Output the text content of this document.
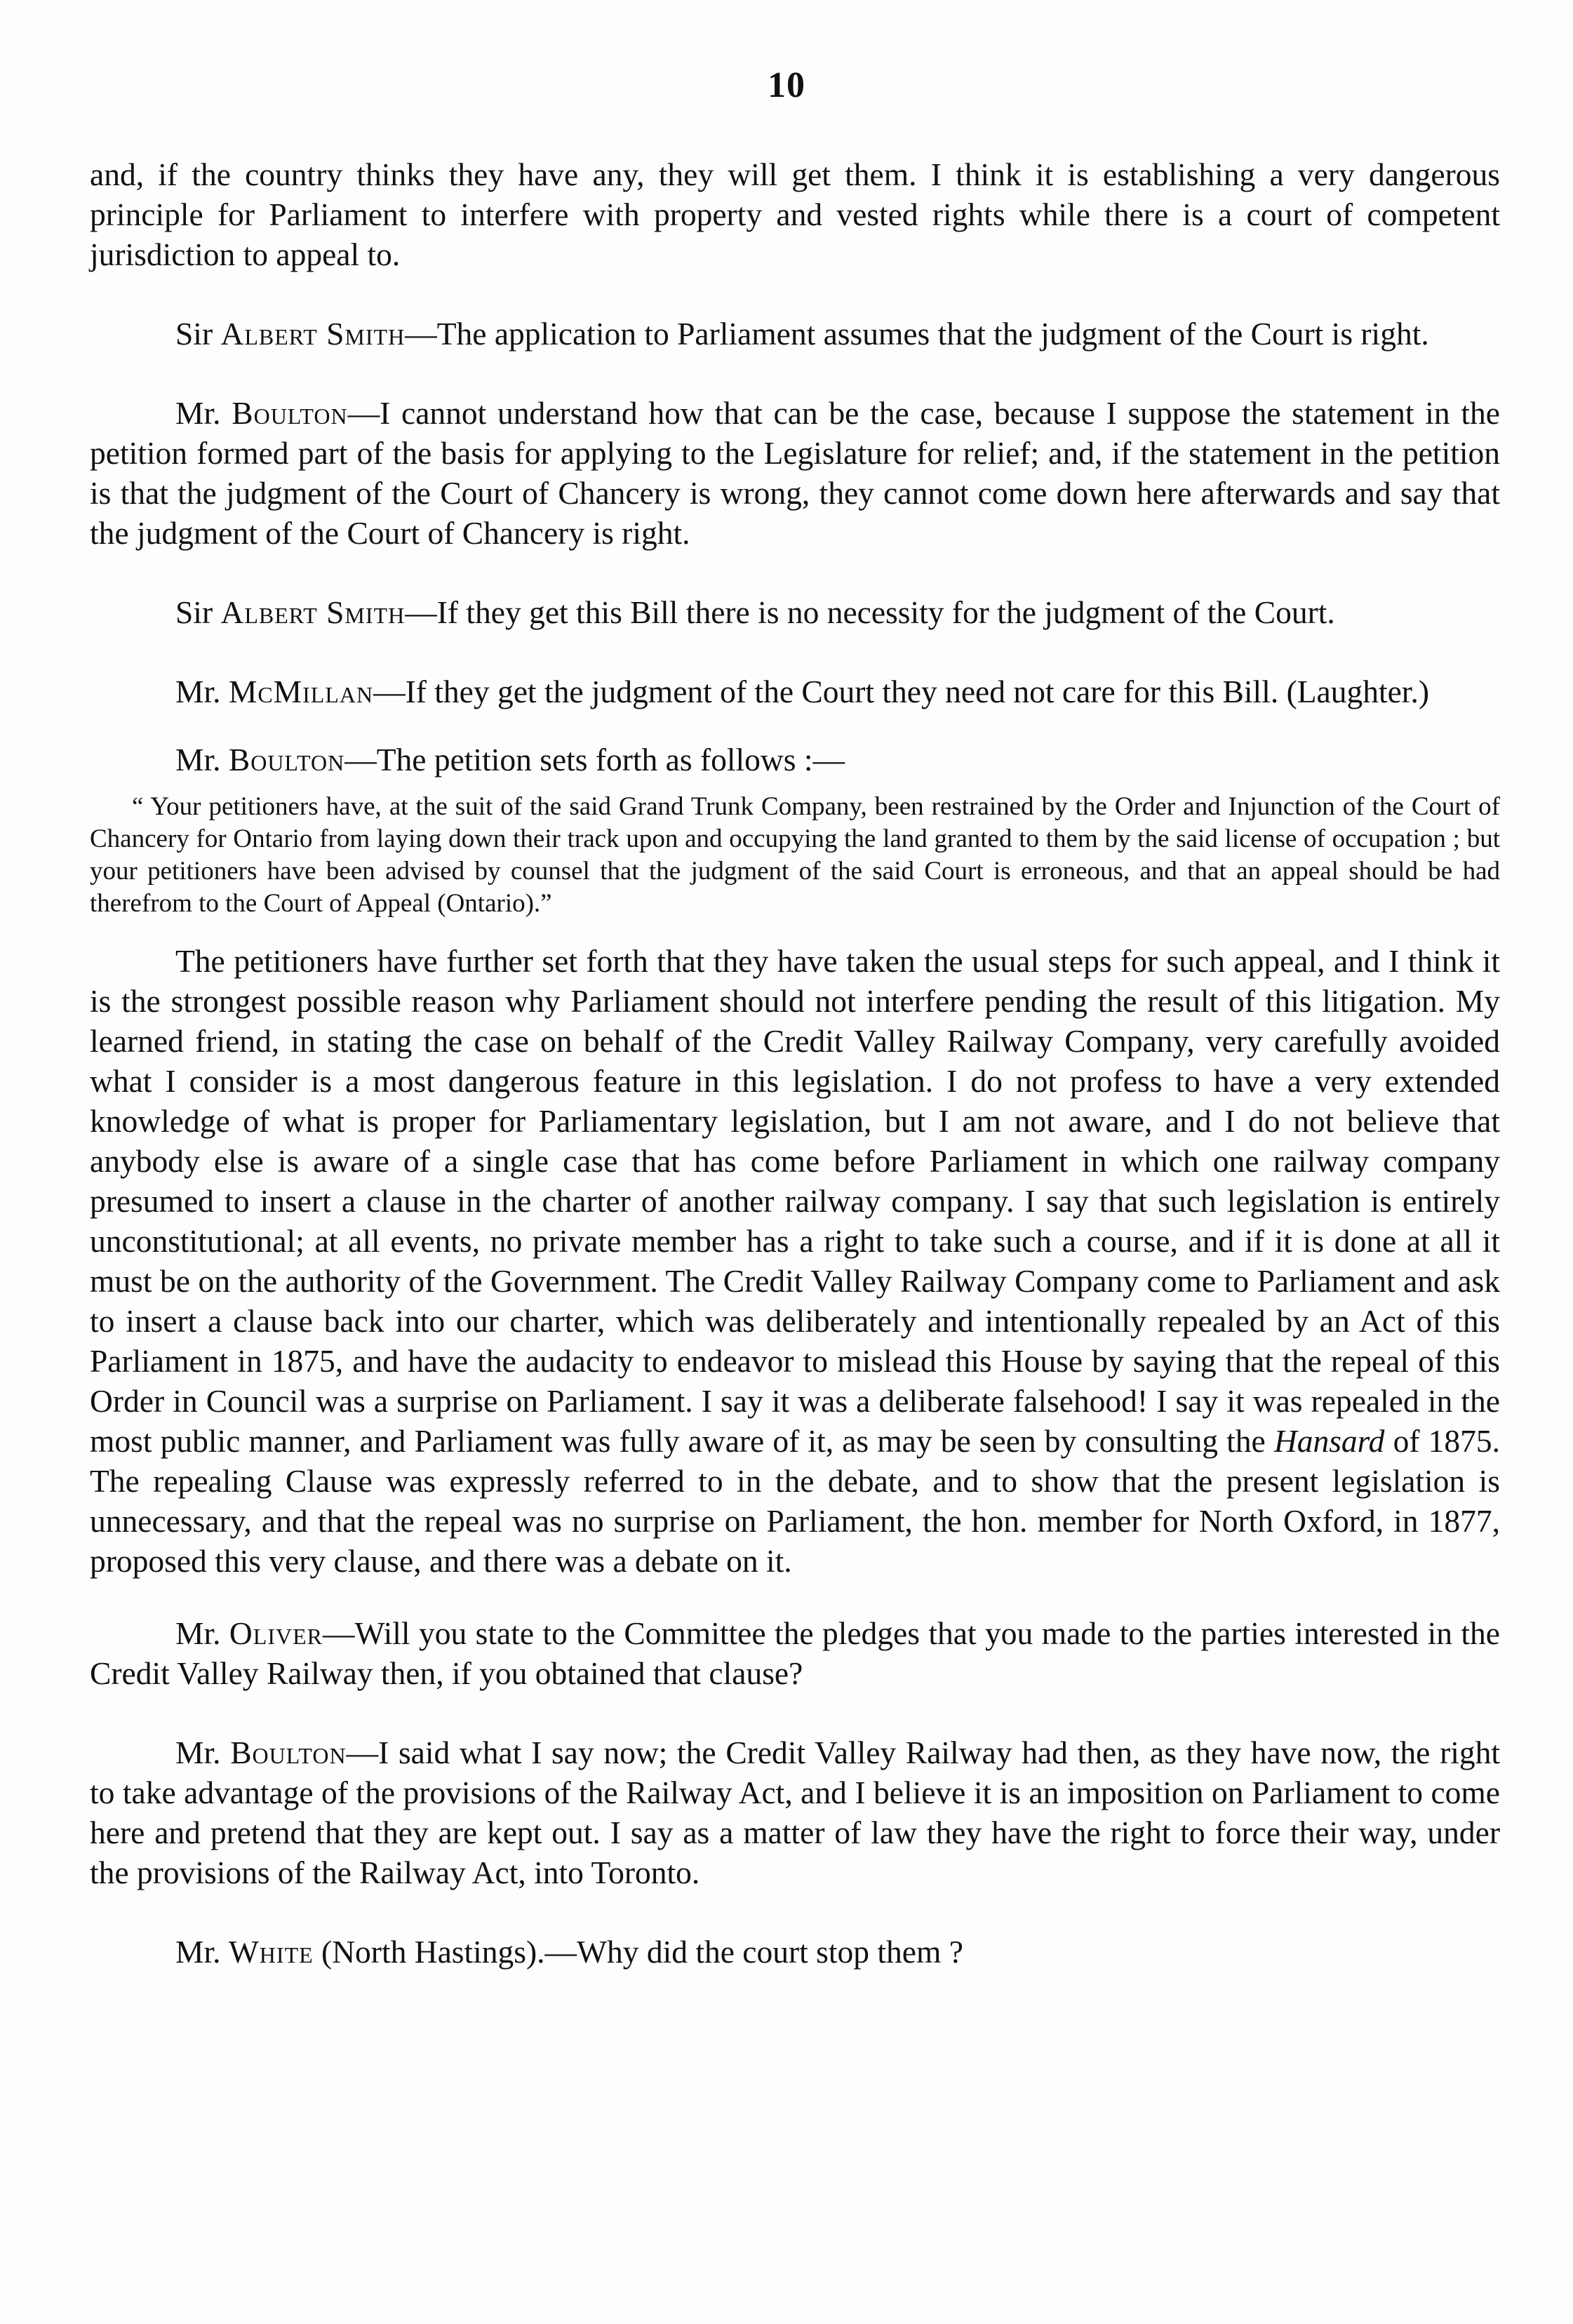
10

and, if the country thinks they have any, they will get them. I think it is establishing a very dangerous principle for Parliament to interfere with property and vested rights while there is a court of competent jurisdiction to appeal to.

Sir Albert Smith—The application to Parliament assumes that the judgment of the Court is right.

Mr. Boulton—I cannot understand how that can be the case, because I suppose the statement in the petition formed part of the basis for applying to the Legislature for relief; and, if the statement in the petition is that the judgment of the Court of Chancery is wrong, they cannot come down here afterwards and say that the judgment of the Court of Chancery is right.

Sir Albert Smith—If they get this Bill there is no necessity for the judgment of the Court.

Mr. McMillan—If they get the judgment of the Court they need not care for this Bill. (Laughter.)

Mr. Boulton—The petition sets forth as follows :—

“ Your petitioners have, at the suit of the said Grand Trunk Company, been restrained by the Order and Injunction of the Court of Chancery for Ontario from laying down their track upon and occupying the land granted to them by the said license of occupation ; but your petitioners have been advised by counsel that the judgment of the said Court is erroneous, and that an appeal should be had therefrom to the Court of Appeal (Ontario).”

The petitioners have further set forth that they have taken the usual steps for such appeal, and I think it is the strongest possible reason why Parliament should not interfere pending the result of this litigation. My learned friend, in stating the case on behalf of the Credit Valley Railway Company, very carefully avoided what I consider is a most dangerous feature in this legislation. I do not profess to have a very extended knowledge of what is proper for Parliamentary legislation, but I am not aware, and I do not believe that anybody else is aware of a single case that has come before Parliament in which one railway company presumed to insert a clause in the charter of another railway company. I say that such legislation is entirely unconstitutional; at all events, no private member has a right to take such a course, and if it is done at all it must be on the authority of the Government. The Credit Valley Railway Company come to Parliament and ask to insert a clause back into our charter, which was deliberately and intentionally repealed by an Act of this Parliament in 1875, and have the audacity to endeavor to mislead this House by saying that the repeal of this Order in Council was a surprise on Parliament. I say it was a deliberate falsehood! I say it was repealed in the most public manner, and Parliament was fully aware of it, as may be seen by consulting the Hansard of 1875. The repealing Clause was expressly referred to in the debate, and to show that the present legislation is unnecessary, and that the repeal was no surprise on Parliament, the hon. member for North Oxford, in 1877, proposed this very clause, and there was a debate on it.

Mr. Oliver—Will you state to the Committee the pledges that you made to the parties interested in the Credit Valley Railway then, if you obtained that clause?

Mr. Boulton—I said what I say now; the Credit Valley Railway had then, as they have now, the right to take advantage of the provisions of the Railway Act, and I believe it is an imposition on Parliament to come here and pretend that they are kept out. I say as a matter of law they have the right to force their way, under the provisions of the Railway Act, into Toronto.

Mr. White (North Hastings).—Why did the court stop them ?
